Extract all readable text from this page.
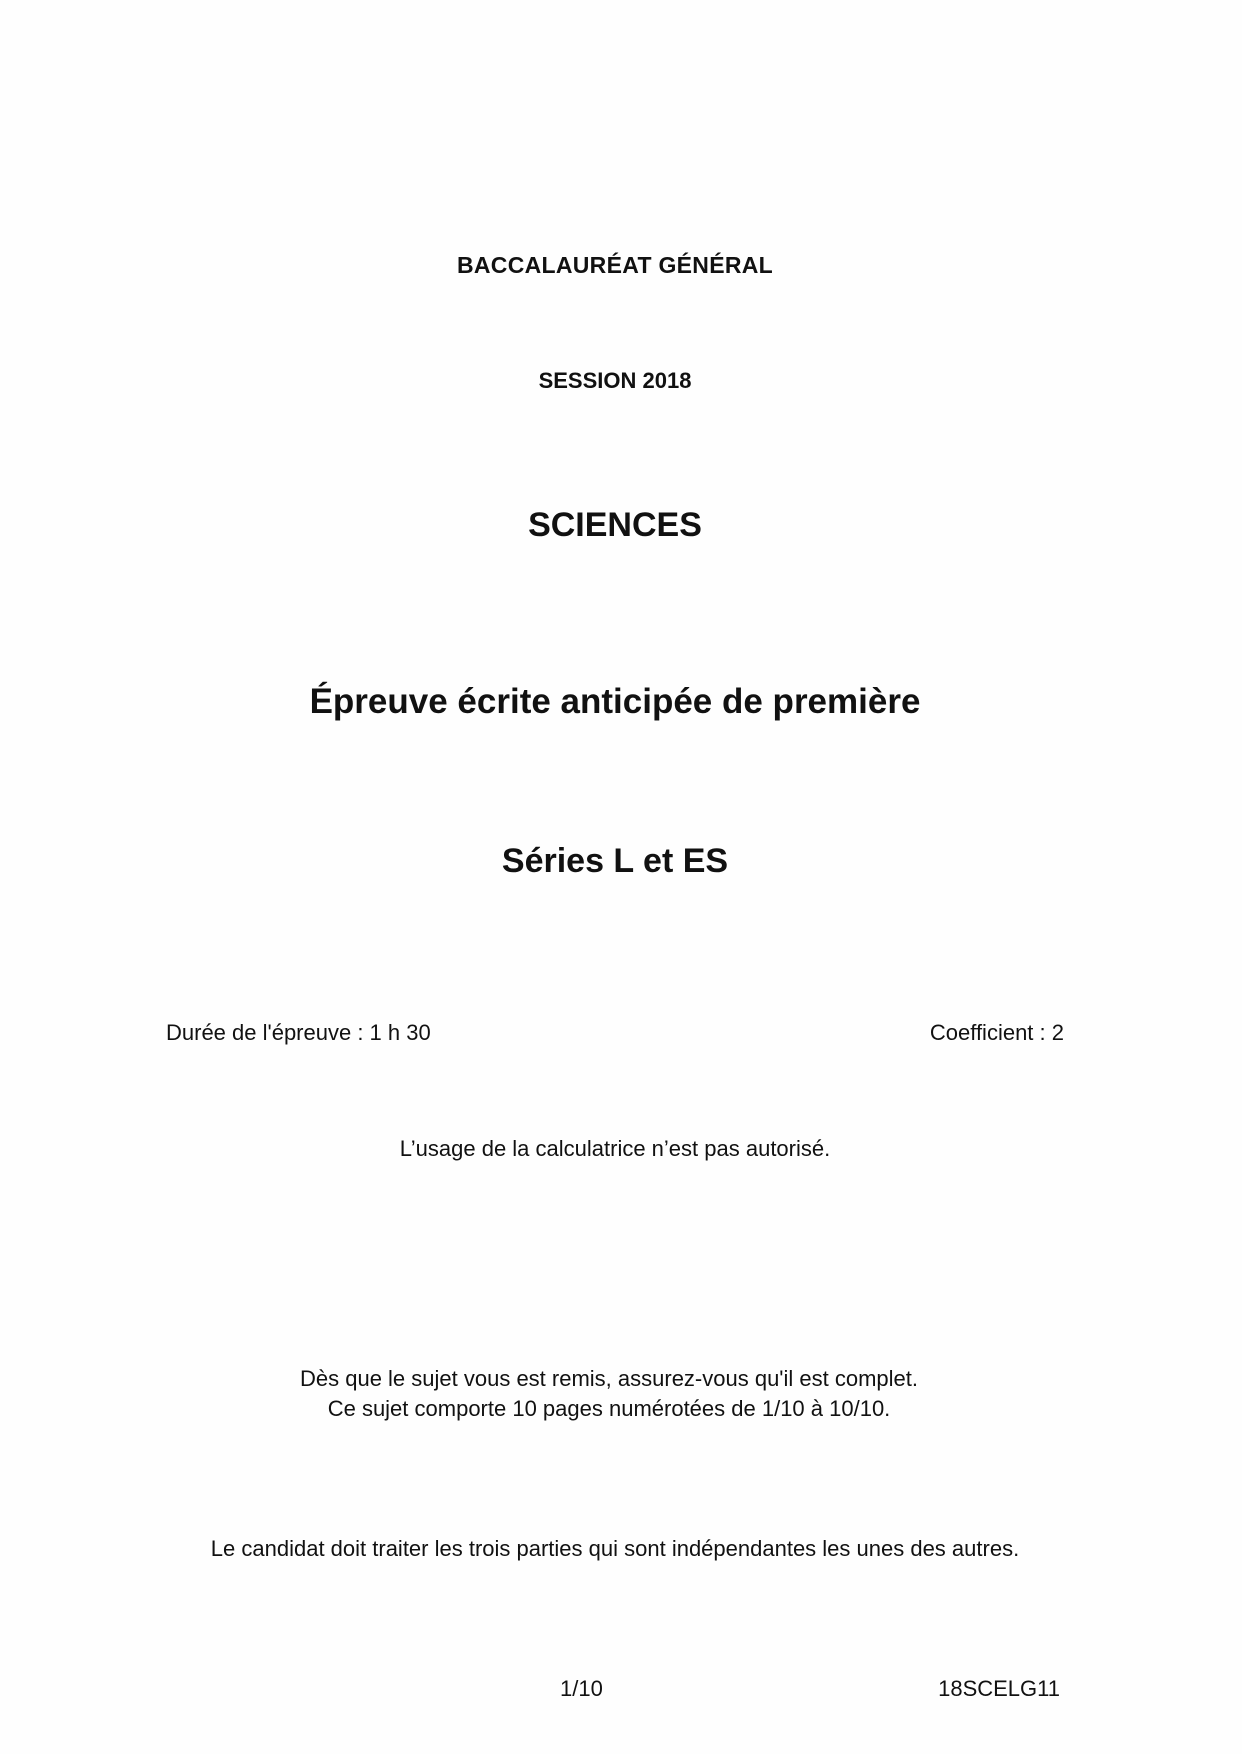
BACCALAURÉAT GÉNÉRAL
SESSION 2018
SCIENCES
Épreuve écrite anticipée de première
Séries L et ES
Durée de l'épreuve : 1 h 30	Coefficient : 2
L’usage de la calculatrice n’est pas autorisé.
Dès que le sujet vous est remis, assurez-vous qu'il est complet.
Ce sujet comporte 10 pages numérotées de 1/10 à 10/10.
Le candidat doit traiter les trois parties qui sont indépendantes les unes des autres.
1/10	18SCELG11
